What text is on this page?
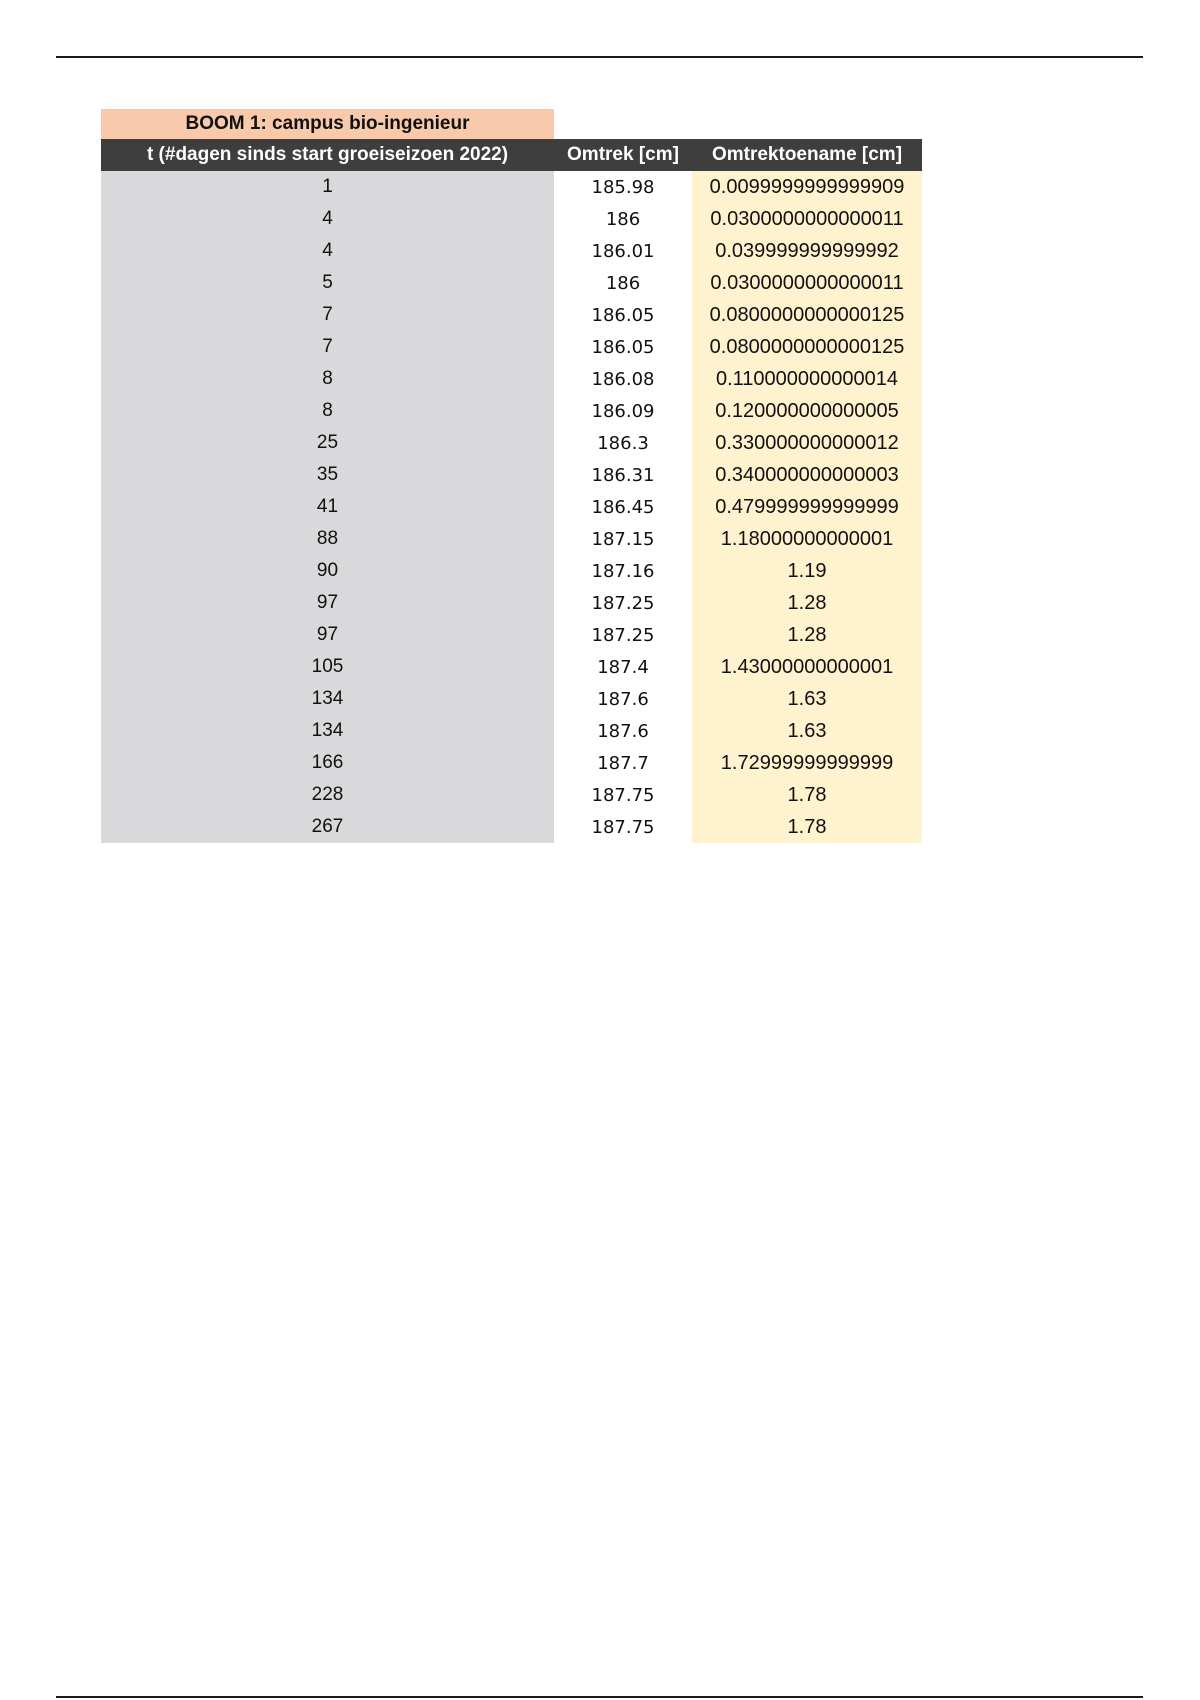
BOOM 1: campus bio-ingenieur
t (#dagen sinds start groeiseizoen 2022)	Omtrek [cm]	Omtrektoename [cm]
1	185.98	0.0099999999999909
4	186	0.0300000000000011
4	186.01	0.039999999999992
5	186	0.0300000000000011
7	186.05	0.0800000000000125
7	186.05	0.0800000000000125
8	186.08	0.110000000000014
8	186.09	0.120000000000005
25	186.3	0.330000000000012
35	186.31	0.340000000000003
41	186.45	0.479999999999999
88	187.15	1.18000000000001
90	187.16	1.19
97	187.25	1.28
97	187.25	1.28
105	187.4	1.43000000000001
134	187.6	1.63
134	187.6	1.63
166	187.7	1.72999999999999
228	187.75	1.78
267	187.75	1.78
